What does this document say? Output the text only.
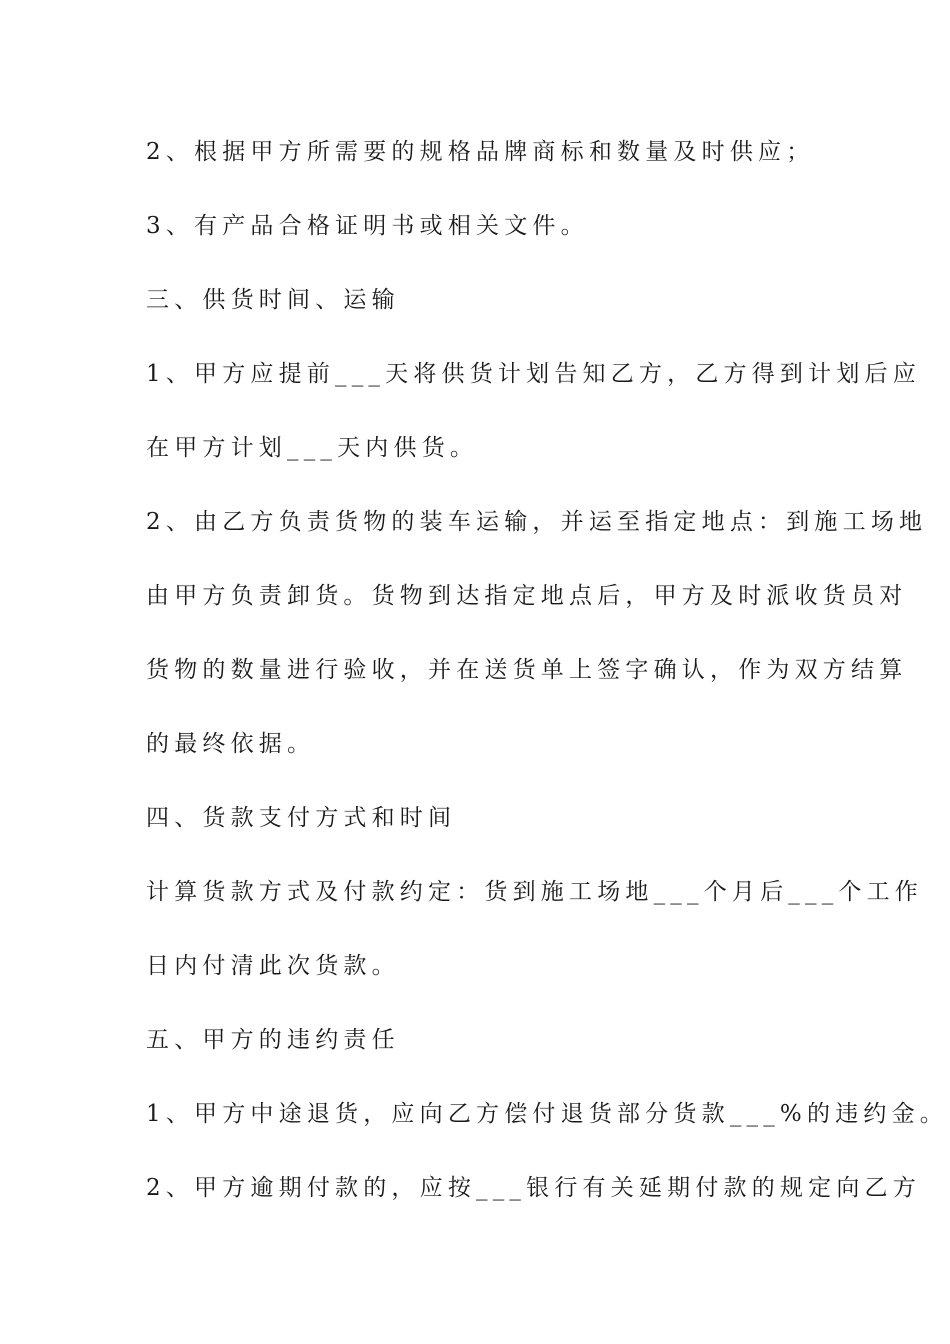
2、根据甲方所需要的规格品牌商标和数量及时供应；
3、有产品合格证明书或相关文件。
三、供货时间、运输
1、甲方应提前___天将供货计划告知乙方，乙方得到计划后应
在甲方计划___天内供货。
2、由乙方负责货物的装车运输，并运至指定地点：到施工场地
由甲方负责卸货。货物到达指定地点后，甲方及时派收货员对
货物的数量进行验收，并在送货单上签字确认，作为双方结算
的最终依据。
四、货款支付方式和时间
计算货款方式及付款约定：货到施工场地___个月后___个工作
日内付清此次货款。
五、甲方的违约责任
1、甲方中途退货，应向乙方偿付退货部分货款___%的违约金。
2、甲方逾期付款的，应按___银行有关延期付款的规定向乙方
